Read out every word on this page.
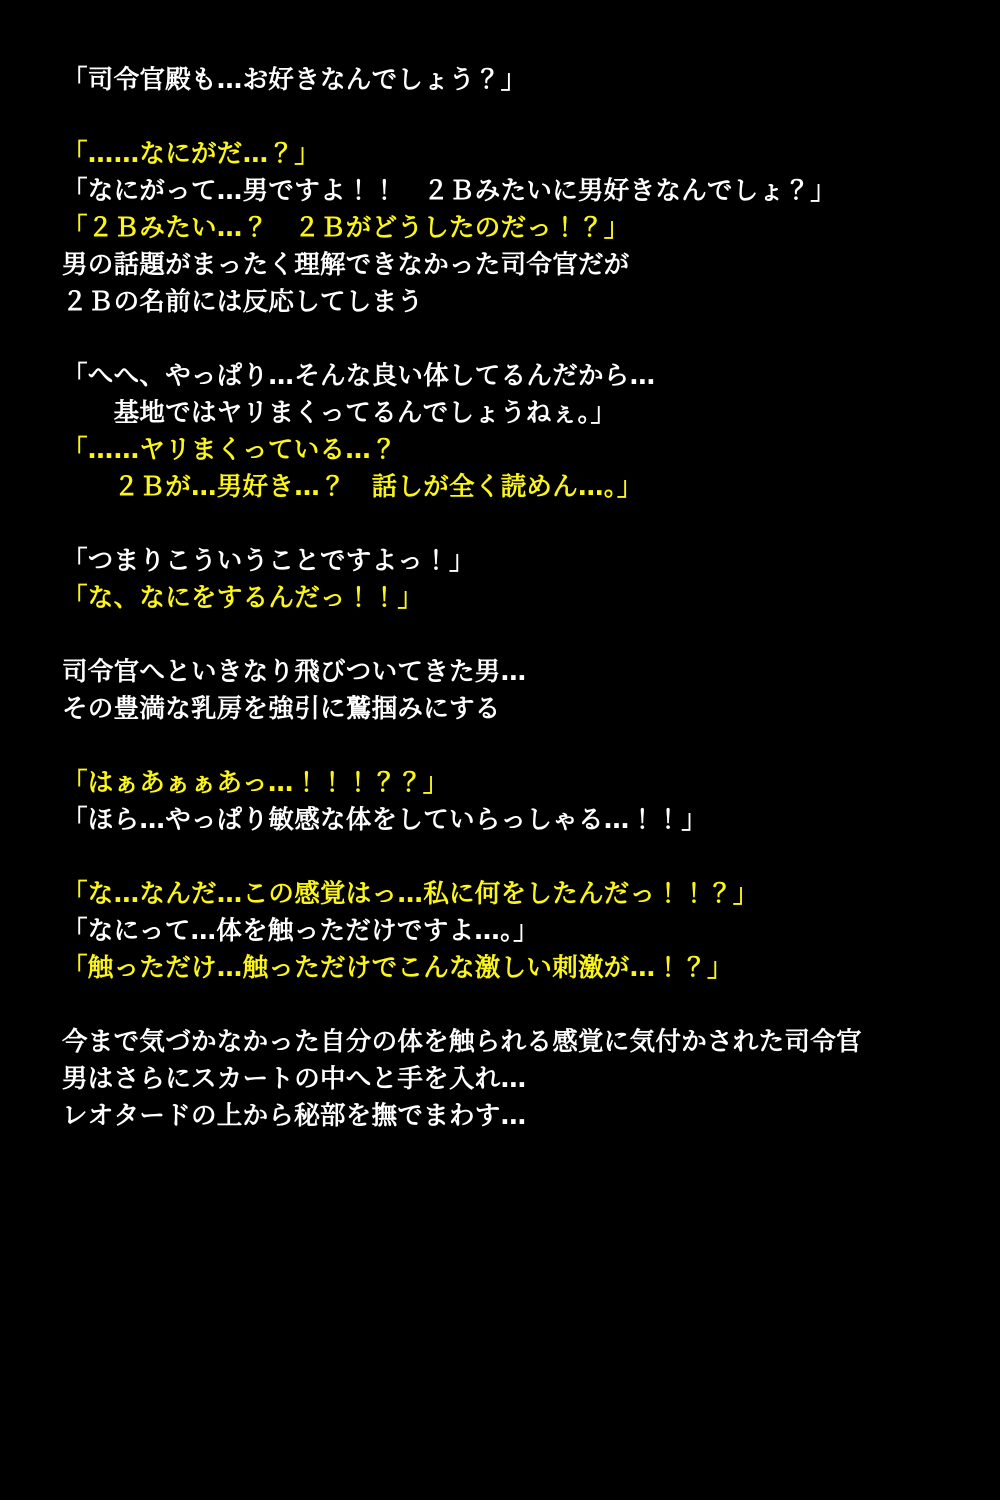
「司令官殿も…お好きなんでしょう？」
「……なにがだ…？」
「なにがって…男ですよ！！　２Ｂみたいに男好きなんでしょ？」
「２Ｂみたい…？　２Ｂがどうしたのだっ！？」
男の話題がまったく理解できなかった司令官だが
２Ｂの名前には反応してしまう
「へへ、やっぱり…そんな良い体してるんだから…
　　基地ではヤリまくってるんでしょうねぇ。」
「……ヤリまくっている…？
　　２Ｂが…男好き…？　話しが全く読めん…。」
「つまりこういうことですよっ！」
「な、なにをするんだっ！！」
司令官へといきなり飛びついてきた男…
その豊満な乳房を強引に鷲掴みにする
「はぁあぁぁあっ…！！！？？」
「ほら…やっぱり敏感な体をしていらっしゃる…！！」
「な…なんだ…この感覚はっ…私に何をしたんだっ！！？」
「なにって…体を触っただけですよ…。」
「触っただけ…触っただけでこんな激しい刺激が…！？」
今まで気づかなかった自分の体を触られる感覚に気付かされた司令官
男はさらにスカートの中へと手を入れ…
レオタードの上から秘部を撫でまわす…
